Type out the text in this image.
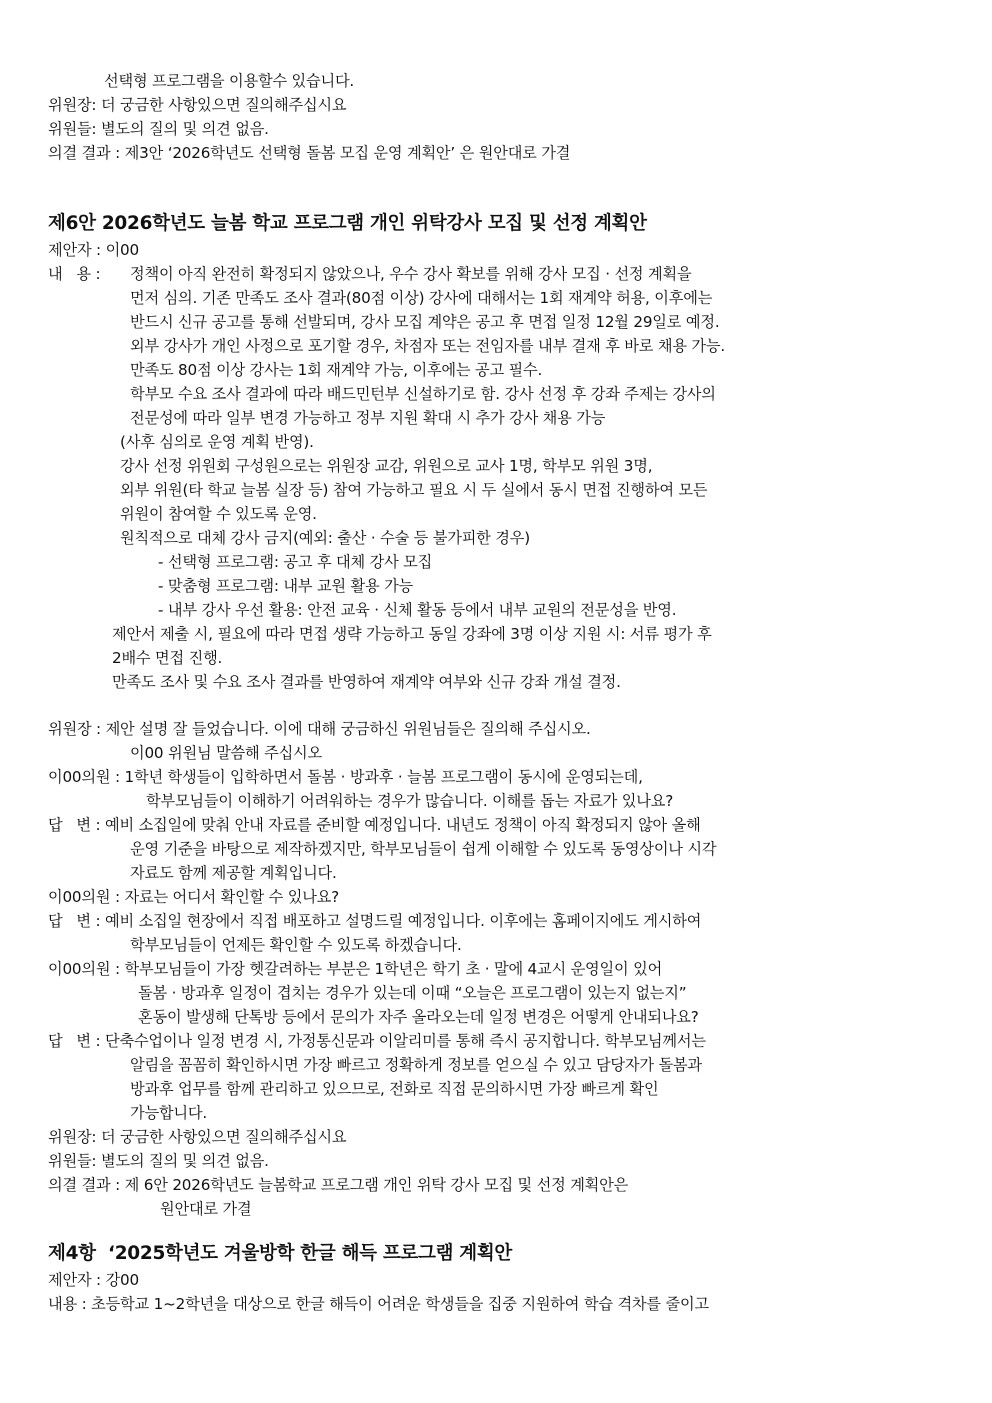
선택형 프로그램을 이용할수 있습니다.
위원장: 더 궁금한 사항있으면 질의해주십시요
위원들: 별도의 질의 및 의견 없음.
의결 결과 : 제3안 ‘2026학년도 선택형 돌봄 모집 운영 계획안’ 은 원안대로 가결
제6안 2026학년도 늘봄 학교 프로그램 개인 위탁강사 모집 및 선정 계획안
제안자 : 이00
내   용 : 정책이 아직 완전히 확정되지 않았으나, 우수 강사 확보를 위해 강사 모집 · 선정 계획을
먼저 심의. 기존 만족도 조사 결과(80점 이상) 강사에 대해서는 1회 재계약 허용, 이후에는
반드시 신규 공고를 통해 선발되며, 강사 모집 계약은 공고 후 면접 일정 12월 29일로 예정.
외부 강사가 개인 사정으로 포기할 경우, 차점자 또는 전임자를 내부 결재 후 바로 채용 가능.
만족도 80점 이상 강사는 1회 재계약 가능, 이후에는 공고 필수.
학부모 수요 조사 결과에 따라 배드민턴부 신설하기로 함. 강사 선정 후 강좌 주제는 강사의
전문성에 따라 일부 변경 가능하고 정부 지원 확대 시 추가 강사 채용 가능
(사후 심의로 운영 계획 반영).
강사 선정 위원회 구성원으로는 위원장 교감, 위원으로 교사 1명, 학부모 위원 3명,
외부 위원(타 학교 늘봄 실장 등) 참여 가능하고 필요 시 두 실에서 동시 면접 진행하여 모든
위원이 참여할 수 있도록 운영.
원칙적으로 대체 강사 금지(예외: 출산 · 수술 등 불가피한 경우)
- 선택형 프로그램: 공고 후 대체 강사 모집
- 맞춤형 프로그램: 내부 교원 활용 가능
- 내부 강사 우선 활용: 안전 교육 · 신체 활동 등에서 내부 교원의 전문성을 반영.
제안서 제출 시, 필요에 따라 면접 생략 가능하고 동일 강좌에 3명 이상 지원 시: 서류 평가 후
2배수 면접 진행.
만족도 조사 및 수요 조사 결과를 반영하여 재계약 여부와 신규 강좌 개설 결정.
위원장 : 제안 설명 잘 들었습니다. 이에 대해 궁금하신 위원님들은 질의해 주십시오.
이00 위원님 말씀해 주십시오
이00의원 : 1학년 학생들이 입학하면서 돌봄 · 방과후 · 늘봄 프로그램이 동시에 운영되는데,
학부모님들이 이해하기 어려워하는 경우가 많습니다. 이해를 돕는 자료가 있나요?
답   변 : 예비 소집일에 맞춰 안내 자료를 준비할 예정입니다. 내년도 정책이 아직 확정되지 않아 올해
운영 기준을 바탕으로 제작하겠지만, 학부모님들이 쉽게 이해할 수 있도록 동영상이나 시각
자료도 함께 제공할 계획입니다.
이00의원 : 자료는 어디서 확인할 수 있나요?
답   변 : 예비 소집일 현장에서 직접 배포하고 설명드릴 예정입니다. 이후에는 홈페이지에도 게시하여
학부모님들이 언제든 확인할 수 있도록 하겠습니다.
이00의원 : 학부모님들이 가장 헷갈려하는 부분은 1학년은 학기 초 · 말에 4교시 운영일이 있어
돌봄 · 방과후 일정이 겹치는 경우가 있는데 이때 “오늘은 프로그램이 있는지 없는지”
혼동이 발생해 단톡방 등에서 문의가 자주 올라오는데 일정 변경은 어떻게 안내되나요?
답   변 : 단축수업이나 일정 변경 시, 가정통신문과 이알리미를 통해 즉시 공지합니다. 학부모님께서는
알림을 꼼꼼히 확인하시면 가장 빠르고 정확하게 정보를 얻으실 수 있고 담당자가 돌봄과
방과후 업무를 함께 관리하고 있으므로, 전화로 직접 문의하시면 가장 빠르게 확인
가능합니다.
위원장: 더 궁금한 사항있으면 질의해주십시요
위원들: 별도의 질의 및 의견 없음.
의결 결과 : 제 6안 2026학년도 늘봄학교 프로그램 개인 위탁 강사 모집 및 선정 계획안은
원안대로 가결
제4항  ‘2025학년도 겨울방학 한글 해득 프로그램 계획안
제안자 : 강00
내용 : 초등학교 1~2학년을 대상으로 한글 해득이 어려운 학생들을 집중 지원하여 학습 격차를 줄이고
